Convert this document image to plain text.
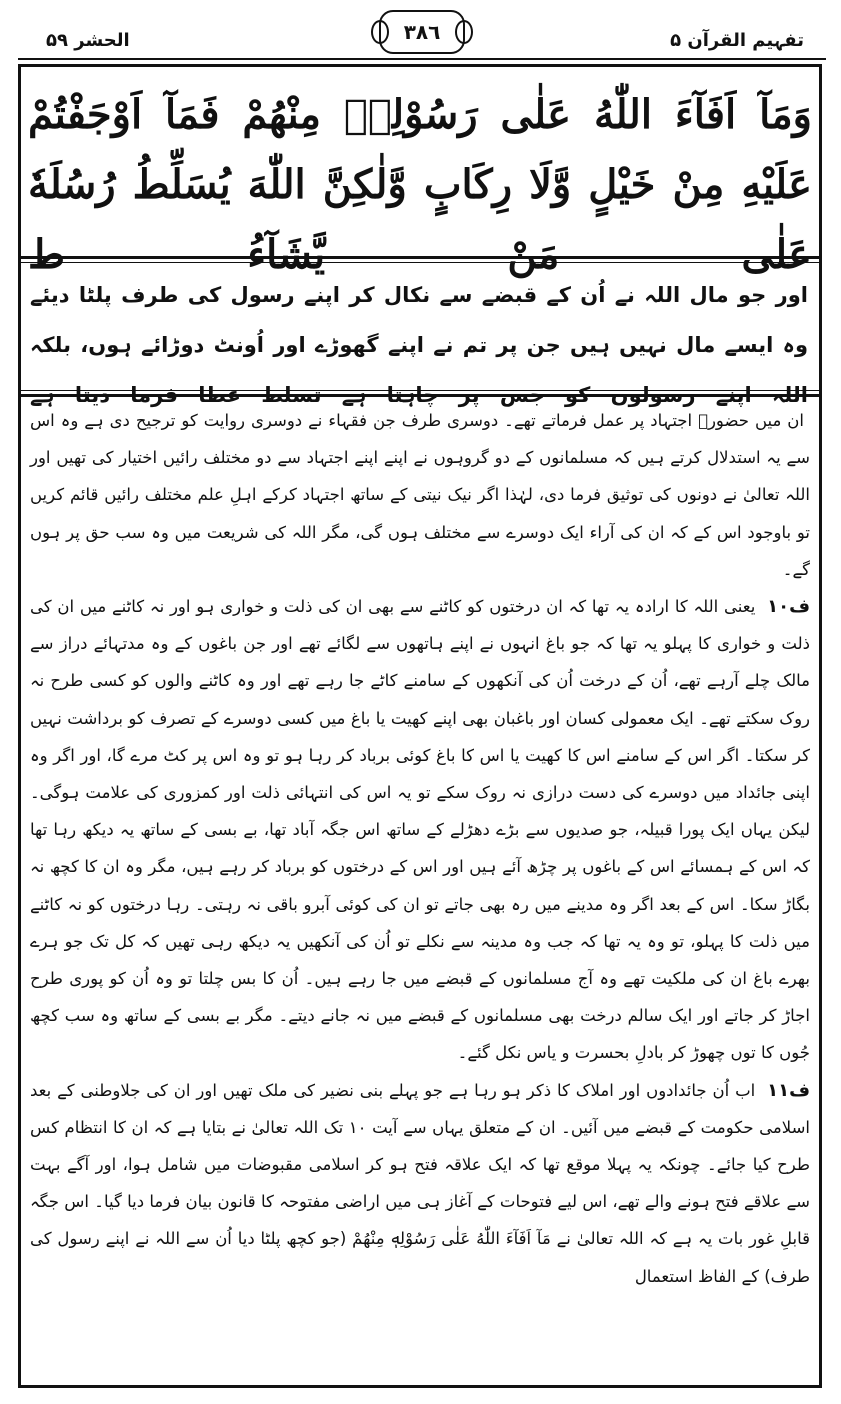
الحشر ۵۹	٣٨٦	تفہیم القرآن ۵
وَمَآ اَفَآءَ اللّٰهُ عَلٰی رَسُوْلِهٖ مِنْهُمْ فَمَآ اَوْجَفْتُمْ عَلَيْهِ مِنْ خَيْلٍ وَّلَا رِكَابٍ وَّلٰكِنَّ اللّٰهَ يُسَلِّطُ رُسُلَهٗ عَلٰی مَنْ يَّشَآءُ ط
اور جو مال اللہ نے اُن کے قبضے سے نکال کر اپنے رسول کی طرف پلٹا دیئے وہ ایسے مال نہیں ہیں جن پر تم نے اپنے گھوڑے اور اُونٹ دوڑائے ہوں، بلکہ اللہ اپنے رسولوں کو جس پر چاہتا ہے تسلط عطا فرما دیتا ہے

ان میں حضورؐ اجتہاد پر عمل فرماتے تھے۔ دوسری طرف جن فقہاء نے دوسری روایت کو ترجیح دی ہے وہ اس سے یہ استدلال کرتے ہیں کہ مسلمانوں کے دو گروہوں نے اپنے اپنے اجتہاد سے دو مختلف رائیں اختیار کی تھیں اور اللہ تعالیٰ نے دونوں کی توثیق فرما دی، لہٰذا اگر نیک نیتی کے ساتھ اجتہاد کرکے اہلِ علم مختلف رائیں قائم کریں تو باوجود اس کے کہ ان کی آراء ایک دوسرے سے مختلف ہوں گی، مگر اللہ کی شریعت میں وہ سب حق پر ہوں گے۔

ف۱۰ یعنی اللہ کا ارادہ یہ تھا کہ ان درختوں کو کاٹنے سے بھی ان کی ذلت و خواری ہو اور نہ کاٹنے میں ان کی ذلت و خواری کا پہلو یہ تھا کہ جو باغ انہوں نے اپنے ہاتھوں سے لگائے تھے اور جن باغوں کے وہ مدتہائے دراز سے مالک چلے آرہے تھے، اُن کے درخت اُن کی آنکھوں کے سامنے کاٹے جا رہے تھے اور وہ کاٹنے والوں کو کسی طرح نہ روک سکتے تھے۔ ایک معمولی کسان اور باغبان بھی اپنے کھیت یا باغ میں کسی دوسرے کے تصرف کو برداشت نہیں کر سکتا۔ اگر اس کے سامنے اس کا کھیت یا اس کا باغ کوئی برباد کر رہا ہو تو وہ اس پر کٹ مرے گا، اور اگر وہ اپنی جائداد میں دوسرے کی دست درازی نہ روک سکے تو یہ اس کی انتہائی ذلت اور کمزوری کی علامت ہوگی۔ لیکن یہاں ایک پورا قبیلہ، جو صدیوں سے بڑے دھڑلے کے ساتھ اس جگہ آباد تھا، بے بسی کے ساتھ یہ دیکھ رہا تھا کہ اس کے ہمسائے اس کے باغوں پر چڑھ آئے ہیں اور اس کے درختوں کو برباد کر رہے ہیں، مگر وہ ان کا کچھ نہ بگاڑ سکا۔ اس کے بعد اگر وہ مدینے میں رہ بھی جاتے تو ان کی کوئی آبرو باقی نہ رہتی۔ رہا درختوں کو نہ کاٹنے میں ذلت کا پہلو، تو وہ یہ تھا کہ جب وہ مدینہ سے نکلے تو اُن کی آنکھیں یہ دیکھ رہی تھیں کہ کل تک جو ہرے بھرے باغ ان کی ملکیت تھے وہ آج مسلمانوں کے قبضے میں جا رہے ہیں۔ اُن کا بس چلتا تو وہ اُن کو پوری طرح اجاڑ کر جاتے اور ایک سالم درخت بھی مسلمانوں کے قبضے میں نہ جانے دیتے۔ مگر بے بسی کے ساتھ وہ سب کچھ جُوں کا توں چھوڑ کر بادلِ بحسرت و یاس نکل گئے۔

ف۱۱ اب اُن جائدادوں اور املاک کا ذکر ہو رہا ہے جو پہلے بنی نضیر کی ملک تھیں اور ان کی جلاوطنی کے بعد اسلامی حکومت کے قبضے میں آئیں۔ ان کے متعلق یہاں سے آیت ۱۰ تک اللہ تعالیٰ نے بتایا ہے کہ ان کا انتظام کس طرح کیا جائے۔ چونکہ یہ پہلا موقع تھا کہ ایک علاقہ فتح ہو کر اسلامی مقبوضات میں شامل ہوا، اور آگے بہت سے علاقے فتح ہونے والے تھے، اس لیے فتوحات کے آغاز ہی میں اراضی مفتوحہ کا قانون بیان فرما دیا گیا۔ اس جگہ قابلِ غور بات یہ ہے کہ اللہ تعالیٰ نے مَآ اَفَآءَ اللّٰهُ عَلٰی رَسُوْلِهٖ مِنْهُمْ (جو کچھ پلٹا دیا اُن سے اللہ نے اپنے رسول کی طرف) کے الفاظ استعمال
